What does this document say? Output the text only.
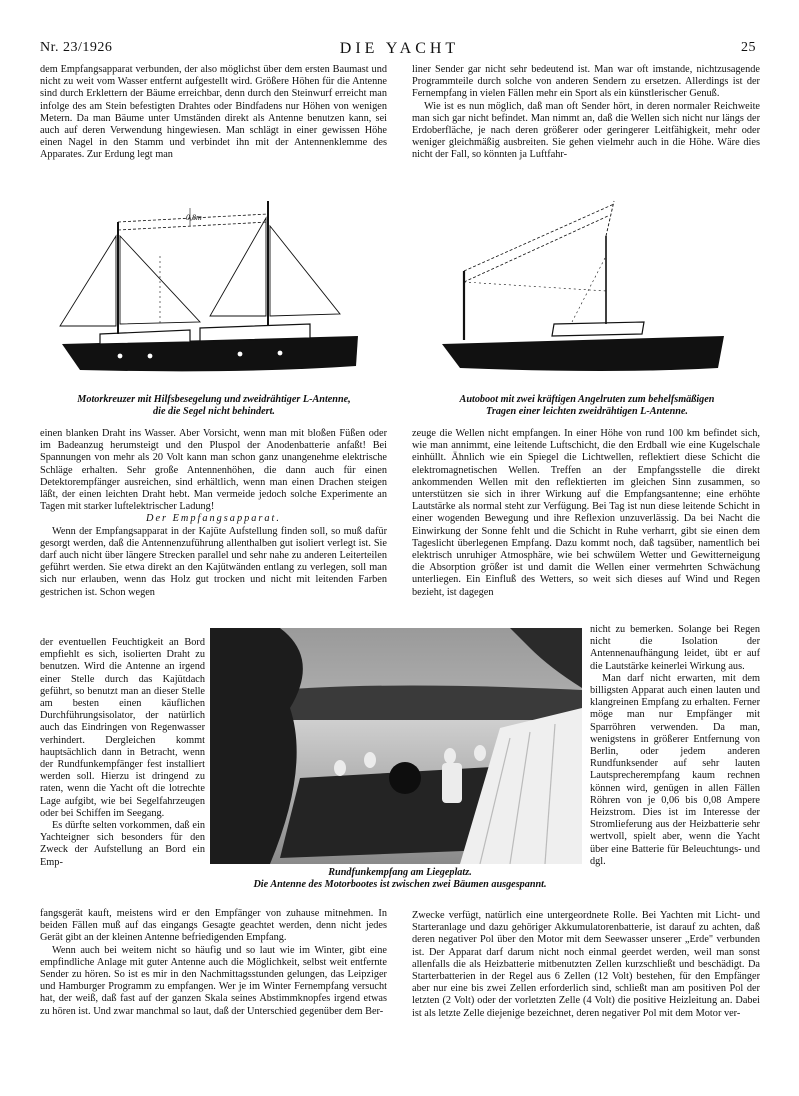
Nr. 23/1926	DIE YACHT	25

dem Empfangsapparat verbunden, der also möglichst über dem ersten Baumast und nicht zu weit vom Wasser entfernt aufgestellt wird. Größere Höhen für die Antenne sind durch Erklettern der Bäume erreichbar, denn durch den Steinwurf erreicht man infolge des am Stein befestigten Drahtes oder Bindfadens nur Höhen von wenigen Metern. Da man Bäume unter Umständen direkt als Antenne benutzen kann, sei auch auf deren Verwendung hingewiesen. Man schlägt in einer gewissen Höhe einen Nagel in den Stamm und verbindet ihn mit der Antennenklemme des Apparates. Zur Erdung legt man

liner Sender gar nicht sehr bedeutend ist. Man war oft imstande, nichtzusagende Programmteile durch solche von anderen Sendern zu ersetzen. Allerdings ist der Fernempfang in vielen Fällen mehr ein Sport als ein künstlerischer Genuß.

Wie ist es nun möglich, daß man oft Sender hört, in deren normaler Reichweite man sich gar nicht befindet. Man nimmt an, daß die Wellen sich nicht nur längs der Erdoberfläche, je nach deren größerer oder geringerer Leitfähigkeit, mehr oder weniger gleichmäßig ausbreiten. Sie gehen vielmehr auch in die Höhe. Wäre dies nicht der Fall, so könnten ja Luftfahr-

0,8m
Motorkreuzer mit Hilfsbesegelung und zweidrähtiger L-Antenne,
die die Segel nicht behindert.
Autoboot mit zwei kräftigen Angelruten zum behelfsmäßigen
Tragen einer leichten zweidrähtigen L-Antenne.

einen blanken Draht ins Wasser. Aber Vorsicht, wenn man mit bloßen Füßen oder im Badeanzug herumsteigt und den Pluspol der Anodenbatterie anfaßt! Bei Spannungen von mehr als 20 Volt kann man schon ganz unangenehme elektrische Schläge erhalten. Sehr große Antennenhöhen, die dann auch für einen Detektorempfänger ausreichen, sind erhältlich, wenn man einen Drachen steigen läßt, der einen leichten Draht hebt. Man vermeide jedoch solche Experimente an Tagen mit starker luftelektrischer Ladung!

Der Empfangsapparat.

Wenn der Empfangsapparat in der Kajüte Aufstellung finden soll, so muß dafür gesorgt werden, daß die Antennenzuführung allenthalben gut isoliert verlegt ist. Sie darf auch nicht über längere Strecken parallel und sehr nahe zu anderen Leiterteilen geführt werden. Sie etwa direkt an den Kajütwänden entlang zu verlegen, soll man sich nur erlauben, wenn das Holz gut trocken und nicht mit leitenden Farben gestrichen ist. Schon wegen

der eventuellen Feuchtigkeit an Bord empfiehlt es sich, isolierten Draht zu benutzen. Wird die Antenne an irgend einer Stelle durch das Kajütdach geführt, so benutzt man an dieser Stelle am besten einen käuflichen Durchführungsisolator, der natürlich auch das Eindringen von Regenwasser verhindert. Dergleichen kommt hauptsächlich dann in Betracht, wenn der Rundfunkempfänger fest installiert werden soll. Hierzu ist dringend zu raten, wenn die Yacht oft die lotrechte Lage aufgibt, wie bei Segelfahrzeugen oder bei Schiffen im Seegang.

Es dürfte selten vorkommen, daß ein Yachteigner sich besonders für den Zweck der Aufstellung an Bord ein Emp-

Rundfunkempfang am Liegeplatz.
Die Antenne des Motorbootes ist zwischen zwei Bäumen ausgespannt.

fangsgerät kauft, meistens wird er den Empfänger von zuhause mitnehmen. In beiden Fällen muß auf das eingangs Gesagte geachtet werden, denn nicht jedes Gerät gibt an der kleinen Antenne befriedigenden Empfang.

Wenn auch bei weitem nicht so häufig und so laut wie im Winter, gibt eine empfindliche Anlage mit guter Antenne auch die Möglichkeit, selbst weit entfernte Sender zu hören. So ist es mir in den Nachmittagsstunden gelungen, das Leipziger und Hamburger Programm zu empfangen. Wer je im Winter Fernempfang versucht hat, der weiß, daß fast auf der ganzen Skala seines Abstimmknopfes irgend etwas zu hören ist. Und zwar manchmal so laut, daß der Unterschied gegenüber dem Ber-

zeuge die Wellen nicht empfangen. In einer Höhe von rund 100 km befindet sich, wie man annimmt, eine leitende Luftschicht, die den Erdball wie eine Kugelschale einhüllt. Ähnlich wie ein Spiegel die Lichtwellen, reflektiert diese Schicht die elektromagnetischen Wellen. Treffen an der Empfangsstelle die direkt ankommenden Wellen mit den reflektierten im gleichen Sinn zusammen, so unterstützen sie sich in ihrer Wirkung auf die Empfangsantenne; eine erhöhte Lautstärke als normal steht zur Verfügung. Bei Tag ist nun diese leitende Schicht in einer wogenden Bewegung und ihre Reflexion unzuverlässig. Da bei Nacht die Einwirkung der Sonne fehlt und die Schicht in Ruhe verharrt, gibt sie einen dem Tageslicht überlegenen Empfang. Dazu kommt noch, daß tagsüber, namentlich bei elektrisch unruhiger Atmosphäre, wie bei schwülem Wetter und Gewitterneigung die Absorption größer ist und damit die Wellen einer vermehrten Schwächung unterliegen. Ein Einfluß des Wetters, so weit sich dieses auf Wind und Regen bezieht, ist dagegen

nicht zu bemerken. Solange bei Regen nicht die Isolation der Antennenaufhängung leidet, übt er auf die Lautstärke keinerlei Wirkung aus.

Man darf nicht erwarten, mit dem billigsten Apparat auch einen lauten und klangreinen Empfang zu erhalten. Ferner möge man nur Empfänger mit Sparröhren verwenden. Da man, wenigstens in größerer Entfernung von Berlin, oder jedem anderen Rundfunksender auf sehr lauten Lautsprecherempfang kaum rechnen können wird, genügen in allen Fällen Röhren von je 0,06 bis 0,08 Ampere Heizstrom. Dies ist im Interesse der Stromlieferung aus der Heizbatterie sehr wertvoll, spielt aber, wenn die Yacht über eine Batterie für Beleuchtungs- und dgl.

Zwecke verfügt, natürlich eine untergeordnete Rolle. Bei Yachten mit Licht- und Starteranlage und dazu gehöriger Akkumulatorenbatterie, ist darauf zu achten, daß deren negativer Pol über den Motor mit dem Seewasser unserer „Erde" verbunden ist. Der Apparat darf darum nicht noch einmal geerdet werden, weil man sonst allenfalls die als Heizbatterie mitbenutzten Zellen kurzschließt und beschädigt. Da Starterbatterien in der Regel aus 6 Zellen (12 Volt) bestehen, für den Empfänger aber nur eine bis zwei Zellen erforderlich sind, schließt man am positiven Pol der letzten (2 Volt) oder der vorletzten Zelle (4 Volt) die positive Heizleitung an. Dabei ist als letzte Zelle diejenige bezeichnet, deren negativer Pol mit dem Motor ver-
